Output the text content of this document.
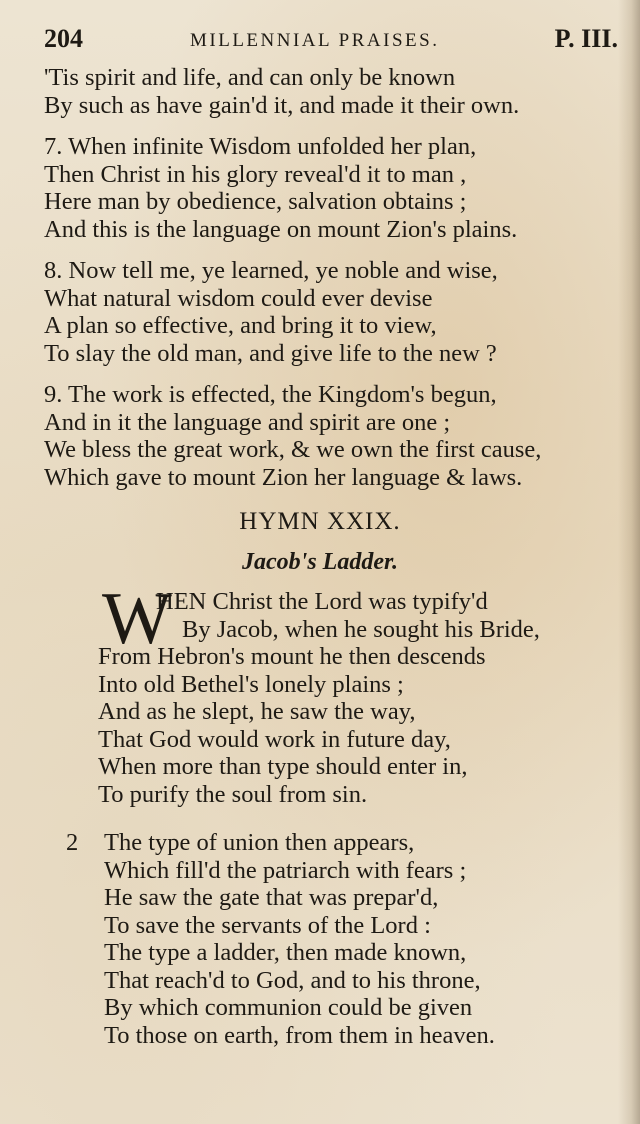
204	MILLENNIAL PRAISES.	P. III.
'Tis spirit and life, and can only be known
By such as have gain'd it, and made it their own.
7. When infinite Wisdom unfolded her plan,
Then Christ in his glory reveal'd it to man ,
Here man by obedience, salvation obtains ;
And this is the language on mount Zion's plains.
8. Now tell me, ye learned, ye noble and wise,
What natural wisdom could ever devise
A plan so effective, and bring it to view,
To slay the old man, and give life to the new ?
9. The work is effected, the Kingdom's begun,
And in it the language and spirit are one ;
We bless the great work, & we own the first cause,
Which gave to mount Zion her language & laws.
HYMN XXIX.
Jacob's Ladder.
W
HEN Christ the Lord was typify'd
By Jacob, when he sought his Bride,
From Hebron's mount he then descends
Into old Bethel's lonely plains ;
And as he slept, he saw the way,
That God would work in future day,
When more than type should enter in,
To purify the soul from sin.
2 The type of union then appears,
Which fill'd the patriarch with fears ;
He saw the gate that was prepar'd,
To save the servants of the Lord :
The type a ladder, then made known,
That reach'd to God, and to his throne,
By which communion could be given
To those on earth, from them in heaven.
